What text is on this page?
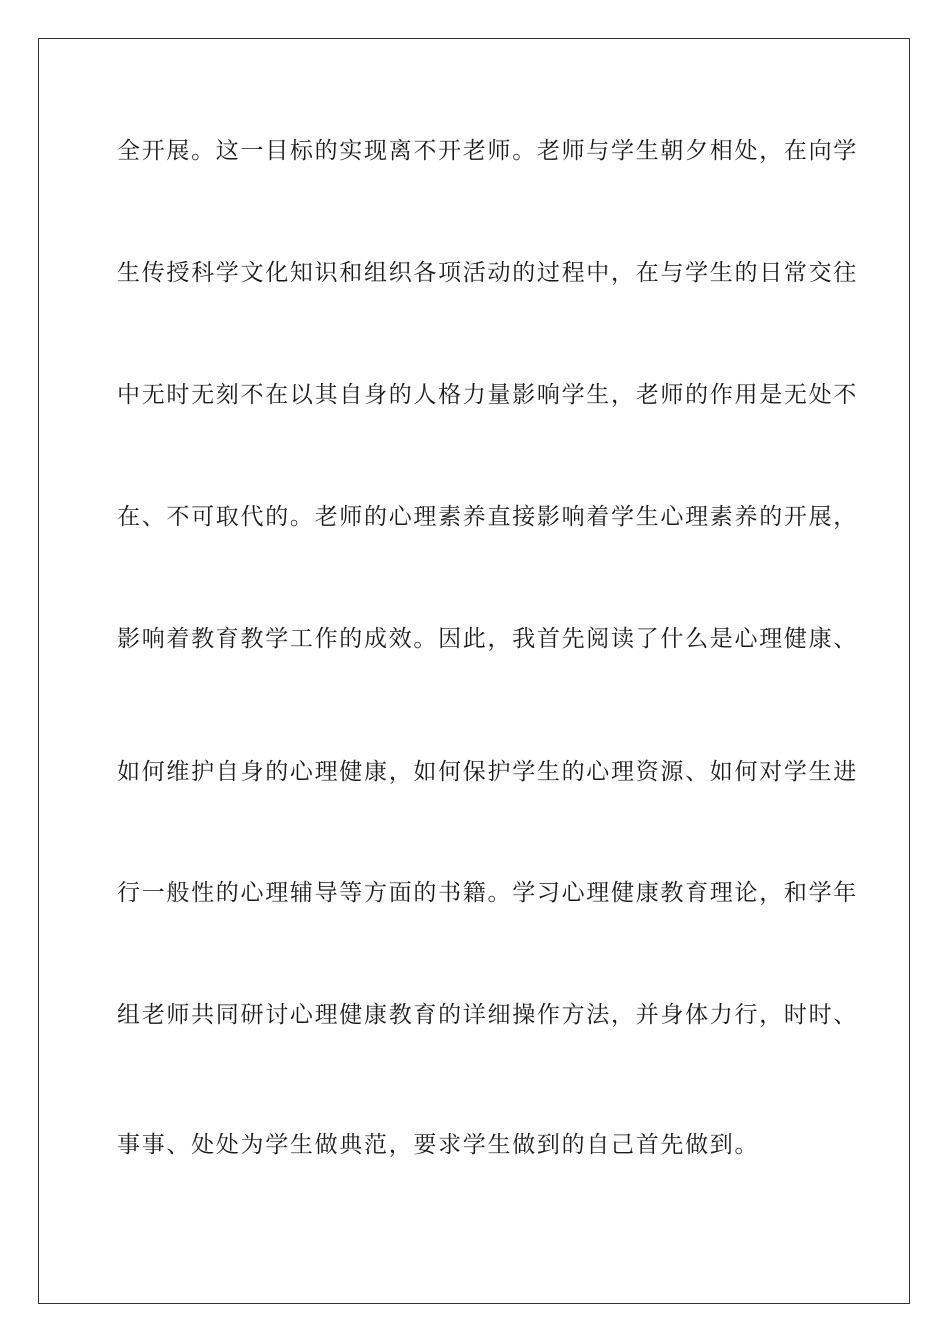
全开展。这一目标的实现离不开老师。老师与学生朝夕相处，在向学

生传授科学文化知识和组织各项活动的过程中，在与学生的日常交往

中无时无刻不在以其自身的人格力量影响学生，老师的作用是无处不

在、不可取代的。老师的心理素养直接影响着学生心理素养的开展，

影响着教育教学工作的成效。因此，我首先阅读了什么是心理健康、

如何维护自身的心理健康，如何保护学生的心理资源、如何对学生进

行一般性的心理辅导等方面的书籍。学习心理健康教育理论，和学年

组老师共同研讨心理健康教育的详细操作方法，并身体力行，时时、

事事、处处为学生做典范，要求学生做到的自己首先做到。
